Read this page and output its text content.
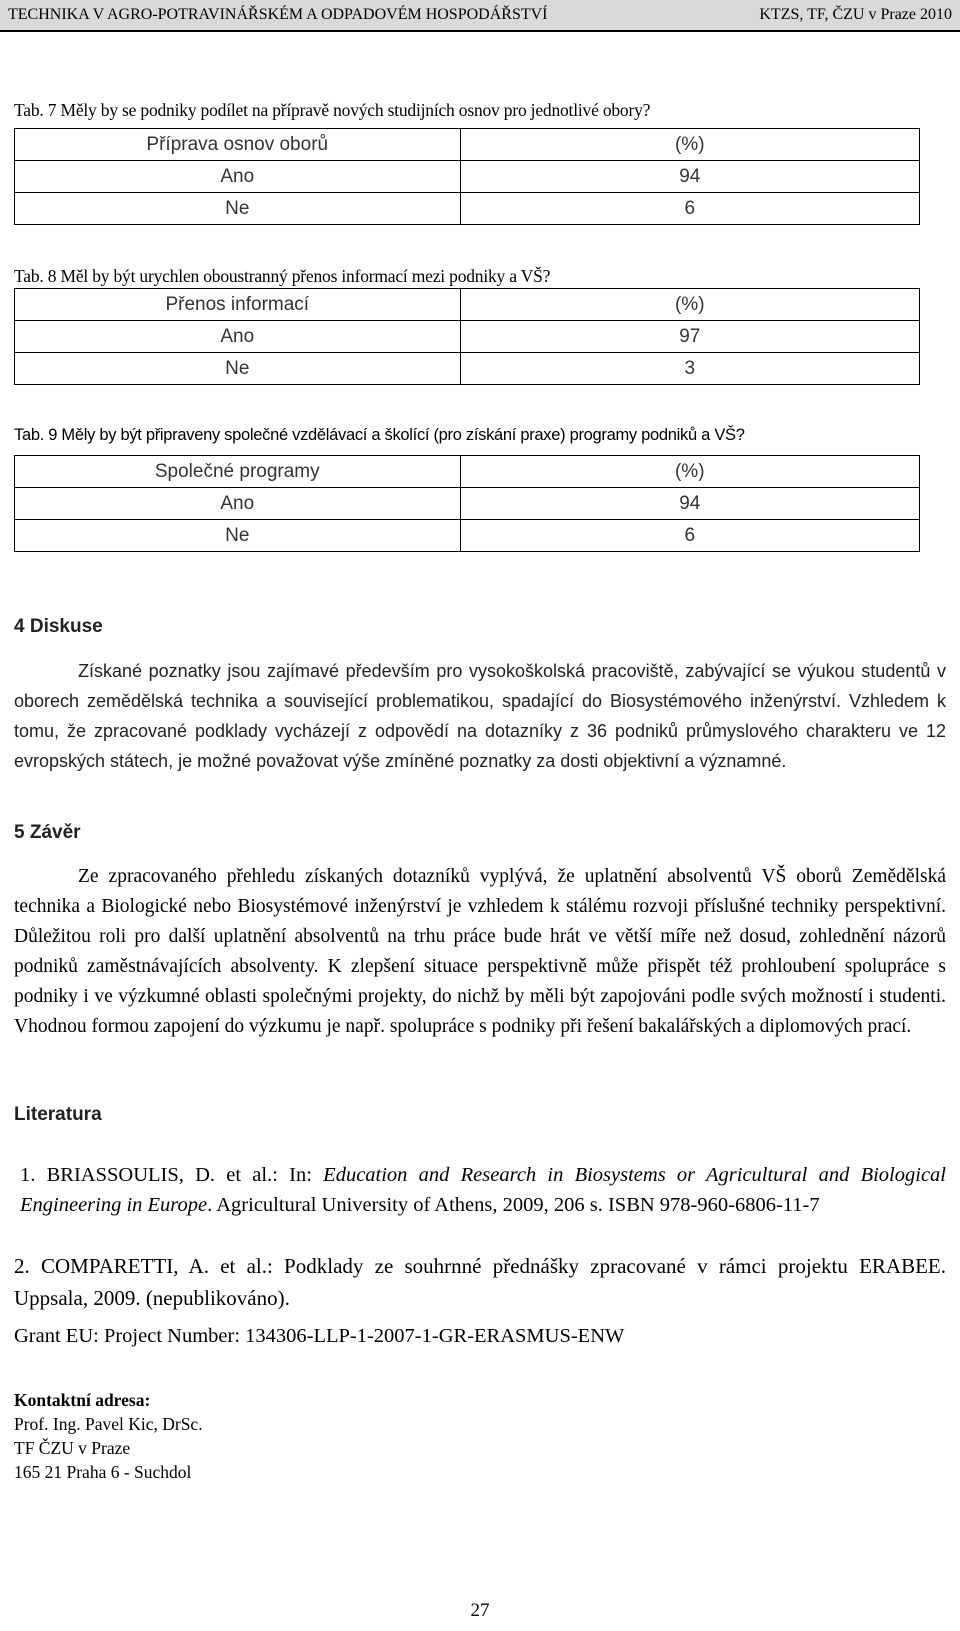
TECHNIKA V AGRO-POTRAVINÁŘSKÉM A ODPADOVÉM HOSPODÁŘSTVÍ	KTZS, TF, ČZU v Praze 2010
Tab. 7 Měly by se podniky podílet na přípravě nových studijních osnov pro jednotlivé obory?
Příprava osnov oborů	(%)
Ano	94
Ne	6
Tab. 8 Měl by být urychlen oboustranný přenos informací mezi podniky a VŠ?
Přenos informací	(%)
Ano	97
Ne	3
Tab. 9 Měly by být připraveny společné vzdělávací a školící (pro získání praxe) programy podniků a VŠ?
Společné programy	(%)
Ano	94
Ne	6
4 Diskuse

Získané poznatky jsou zajímavé především pro vysokoškolská pracoviště, zabývající se výukou studentů v oborech zemědělská technika a související problematikou, spadající do Biosystémového inženýrství. Vzhledem k tomu, že zpracované podklady vycházejí z odpovědí na dotazníky z 36 podniků průmyslového charakteru ve 12 evropských státech, je možné považovat výše zmíněné poznatky za dosti objektivní a významné.

5 Závěr

Ze zpracovaného přehledu získaných dotazníků vyplývá, že uplatnění absolventů VŠ oborů Zemědělská technika a Biologické nebo Biosystémové inženýrství je vzhledem k stálému rozvoji příslušné techniky perspektivní. Důležitou roli pro další uplatnění absolventů na trhu práce bude hrát ve větší míře než dosud, zohlednění názorů podniků zaměstnávajících absolventy. K zlepšení situace perspektivně může přispět též prohloubení spolupráce s podniky i ve výzkumné oblasti společnými projekty, do nichž by měli být zapojováni podle svých možností i studenti. Vhodnou formou zapojení do výzkumu je např. spolupráce s podniky při řešení bakalářských a diplomových prací.

Literatura
1. BRIASSOULIS, D. et al.: In: Education and Research in Biosystems or Agricultural and Biological Engineering in Europe. Agricultural University of Athens, 2009, 206 s. ISBN 978-960-6806-11-7
2. COMPARETTI, A. et al.: Podklady ze souhrnné přednášky zpracované v rámci projektu ERABEE. Uppsala, 2009. (nepublikováno).
Grant EU: Project Number: 134306-LLP-1-2007-1-GR-ERASMUS-ENW
Kontaktní adresa:
Prof. Ing. Pavel Kic, DrSc.
TF ČZU v Praze
165 21 Praha 6 - Suchdol
27
